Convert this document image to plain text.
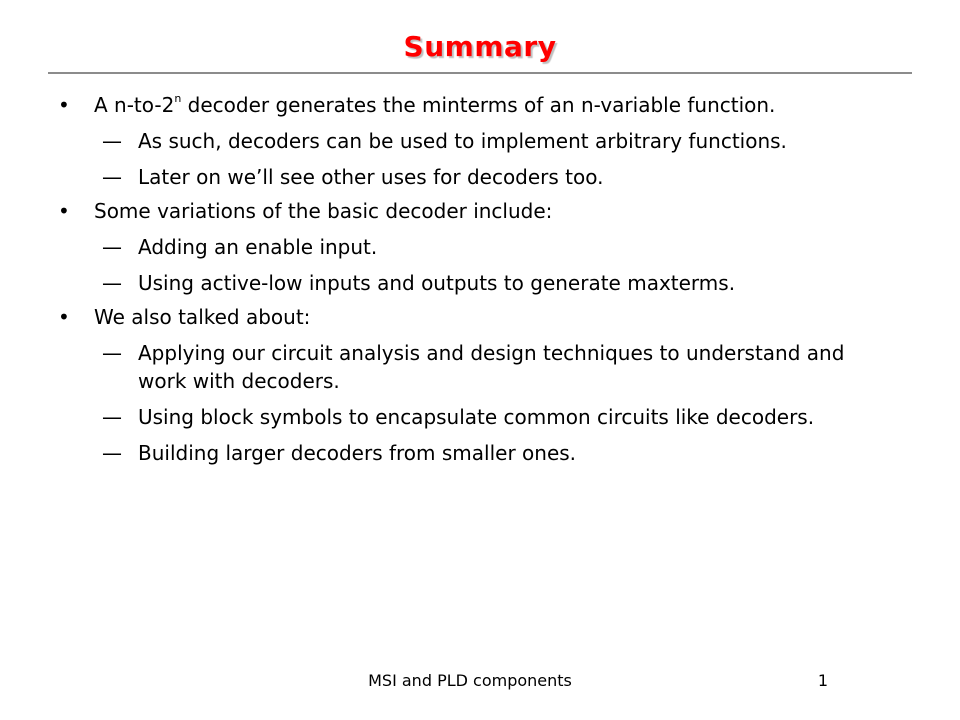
Summary
•	A n-to-2$^n$ decoder generates the minterms of an n-variable function.
— As such, decoders can be used to implement arbitrary functions.
— Later on we’ll see other uses for decoders too.
•	Some variations of the basic decoder include:
— Adding an enable input.
— Using active-low inputs and outputs to generate maxterms.
•	We also talked about:
— Applying our circuit analysis and design techniques to understand and work with decoders.
— Using block symbols to encapsulate common circuits like decoders.
— Building larger decoders from smaller ones.
MSI and PLD components	1
